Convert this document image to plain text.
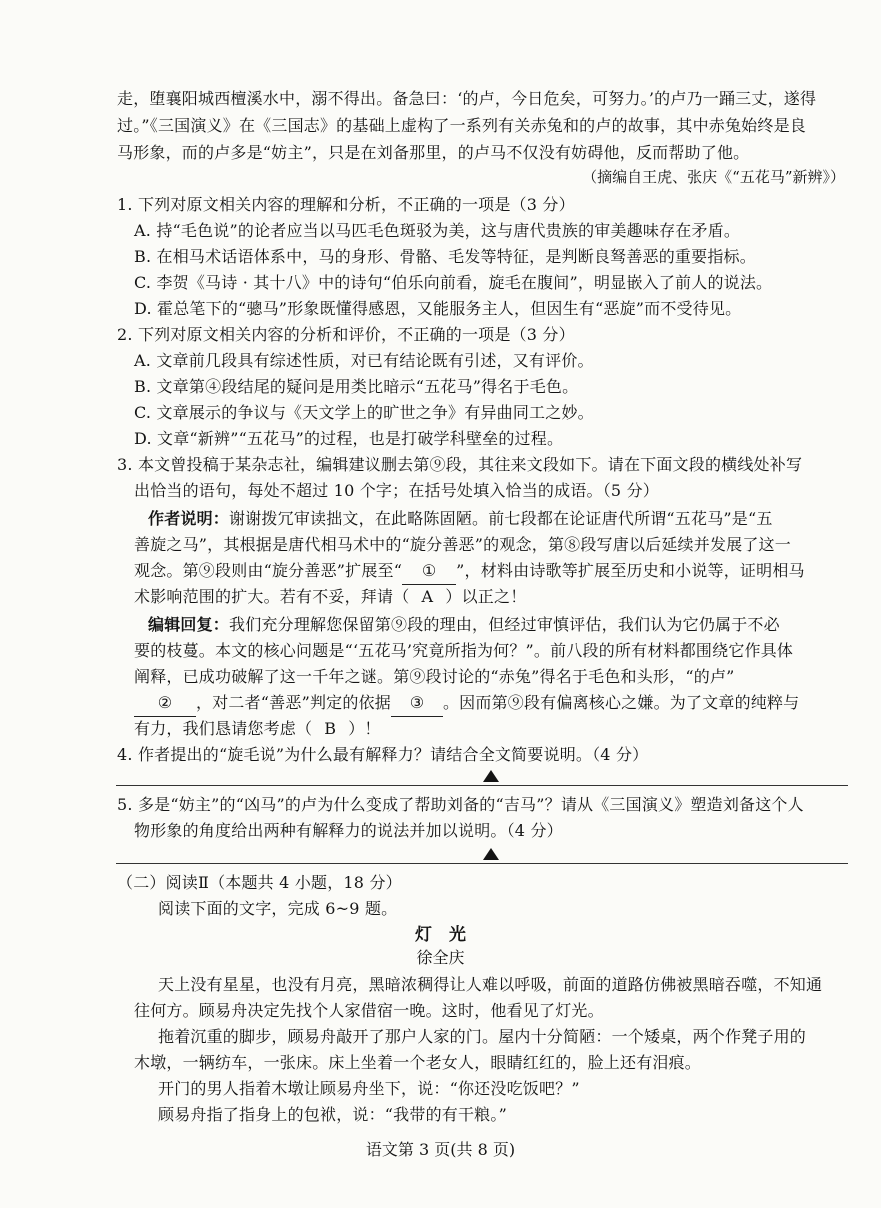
走，堕襄阳城西檀溪水中，溺不得出。备急曰：‘的卢，今日危矣，可努力。’的卢乃一踊三丈，遂得
过。”《三国演义》在《三国志》的基础上虚构了一系列有关赤兔和的卢的故事，其中赤兔始终是良
马形象，而的卢多是“妨主”，只是在刘备那里，的卢马不仅没有妨碍他，反而帮助了他。
（摘编自王虎、张庆《“五花马”新辨》）
1. 下列对原文相关内容的理解和分析，不正确的一项是（3 分）
A. 持“毛色说”的论者应当以马匹毛色斑驳为美，这与唐代贵族的审美趣味存在矛盾。
B. 在相马术话语体系中，马的身形、骨骼、毛发等特征，是判断良驽善恶的重要指标。
C. 李贺《马诗 · 其十八》中的诗句“伯乐向前看，旋毛在腹间”，明显嵌入了前人的说法。
D. 霍总笔下的“骢马”形象既懂得感恩，又能服务主人，但因生有“恶旋”而不受待见。
2. 下列对原文相关内容的分析和评价，不正确的一项是（3 分）
A. 文章前几段具有综述性质，对已有结论既有引述，又有评价。
B. 文章第④段结尾的疑问是用类比暗示“五花马”得名于毛色。
C. 文章展示的争议与《天文学上的旷世之争》有异曲同工之妙。
D. 文章“新辨”“五花马”的过程，也是打破学科壁垒的过程。
3. 本文曾投稿于某杂志社，编辑建议删去第⑨段，其往来文段如下。请在下面文段的横线处补写
出恰当的语句，每处不超过 10 个字；在括号处填入恰当的成语。（5 分）
作者说明：谢谢拨冗审读拙文，在此略陈固陋。前七段都在论证唐代所谓“五花马”是“五
善旋之马”，其根据是唐代相马术中的“旋分善恶”的观念，第⑧段写唐以后延续并发展了这一
观念。第⑨段则由“旋分善恶”扩展至“ ① ”，材料由诗歌等扩展至历史和小说等，证明相马
术影响范围的扩大。若有不妥，拜请（ A ）以正之！
编辑回复：我们充分理解您保留第⑨段的理由，但经过审慎评估，我们认为它仍属于不必
要的枝蔓。本文的核心问题是“‘五花马’究竟所指为何？”。前八段的所有材料都围绕它作具体
阐释，已成功破解了这一千年之谜。第⑨段讨论的“赤兔”得名于毛色和头形，“的卢”
② ，对二者“善恶”判定的依据 ③ 。因而第⑨段有偏离核心之嫌。为了文章的纯粹与
有力，我们恳请您考虑（ B ）！
4. 作者提出的“旋毛说”为什么最有解释力？请结合全文简要说明。（4 分）
5. 多是“妨主”的“凶马”的卢为什么变成了帮助刘备的“吉马”？请从《三国演义》塑造刘备这个人
物形象的角度给出两种有解释力的说法并加以说明。（4 分）
（二）阅读Ⅱ（本题共 4 小题，18 分）
阅读下面的文字，完成 6~9 题。
灯　光
徐全庆
天上没有星星，也没有月亮，黑暗浓稠得让人难以呼吸，前面的道路仿佛被黑暗吞噬，不知通
往何方。顾易舟决定先找个人家借宿一晚。这时，他看见了灯光。
拖着沉重的脚步，顾易舟敲开了那户人家的门。屋内十分简陋：一个矮桌，两个作凳子用的
木墩，一辆纺车，一张床。床上坐着一个老女人，眼睛红红的，脸上还有泪痕。
开门的男人指着木墩让顾易舟坐下，说：“你还没吃饭吧？”
顾易舟指了指身上的包袱，说：“我带的有干粮。”
语文第 3 页(共 8 页)
